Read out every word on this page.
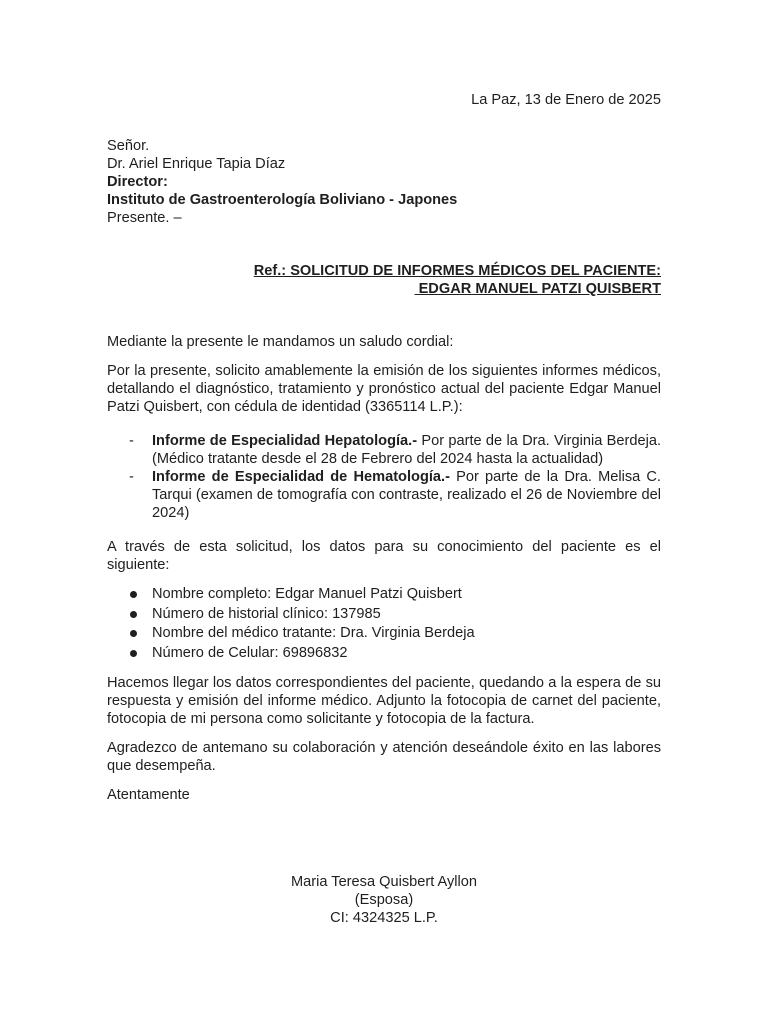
La Paz, 13 de Enero de 2025
Señor.
Dr. Ariel Enrique Tapia Díaz
Director:
Instituto de Gastroenterología Boliviano - Japones
Presente. –
Ref.: SOLICITUD DE INFORMES MÉDICOS DEL PACIENTE:
EDGAR MANUEL PATZI QUISBERT

Mediante la presente le mandamos un saludo cordial:

Por la presente, solicito amablemente la emisión de los siguientes informes médicos, detallando el diagnóstico, tratamiento y pronóstico actual del paciente Edgar Manuel Patzi Quisbert, con cédula de identidad (3365114 L.P.):

- Informe de Especialidad Hepatología.- Por parte de la Dra. Virginia Berdeja. (Médico tratante desde el 28 de Febrero del 2024 hasta la actualidad)
- Informe de Especialidad de Hematología.- Por parte de la Dra. Melisa C. Tarqui (examen de tomografía con contraste, realizado el 26 de Noviembre del 2024)

A través de esta solicitud, los datos para su conocimiento del paciente es el siguiente:

Nombre completo: Edgar Manuel Patzi Quisbert
Número de historial clínico: 137985
Nombre del médico tratante: Dra. Virginia Berdeja
Número de Celular: 69896832

Hacemos llegar los datos correspondientes del paciente, quedando a la espera de su respuesta y emisión del informe médico. Adjunto la fotocopia de carnet del paciente, fotocopia de mi persona como solicitante y fotocopia de la factura.

Agradezco de antemano su colaboración y atención deseándole éxito en las labores que desempeña.

Atentamente

Maria Teresa Quisbert Ayllon
(Esposa)
CI: 4324325 L.P.
